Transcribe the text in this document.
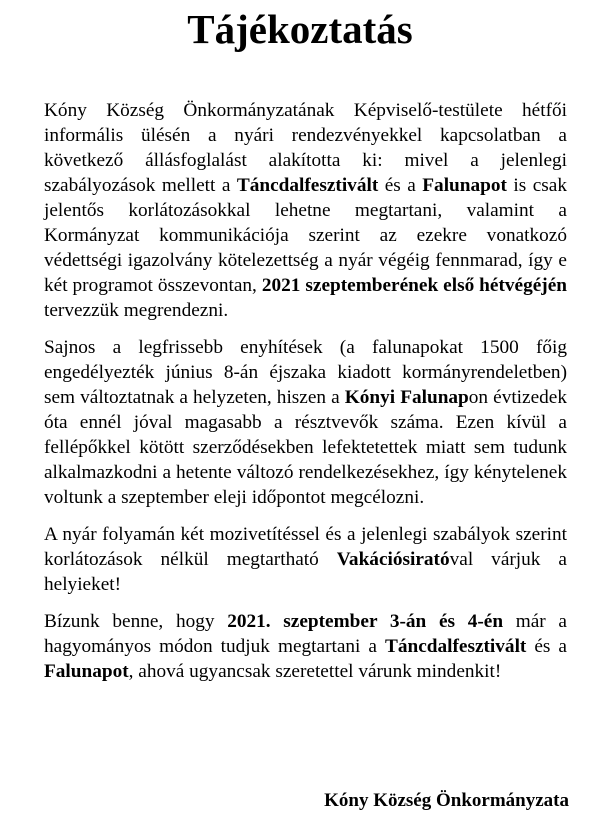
Tájékoztatás

Kóny Község Önkormányzatának Képviselő-testülete hétfői informális ülésén a nyári rendezvényekkel kapcsolatban a következő állásfoglalást alakította ki: mivel a jelenlegi szabályozások mellett a Táncdalfesztivált és a Falunapot is csak jelentős korlátozásokkal lehetne megtartani, valamint a Kormányzat kommunikációja szerint az ezekre vonatkozó védettségi igazolvány kötelezettség a nyár végéig fennmarad, így e két programot összevontan, 2021 szeptemberének első hétvégéjén tervezzük megrendezni.

Sajnos a legfrissebb enyhítések (a falunapokat 1500 főig engedélyezték június 8-án éjszaka kiadott kormányrendeletben) sem változtatnak a helyzeten, hiszen a Kónyi Falunapon évtizedek óta ennél jóval magasabb a résztvevők száma. Ezen kívül a fellépőkkel kötött szerződésekben lefektetettek miatt sem tudunk alkalmazkodni a hetente változó rendelkezésekhez, így kénytelenek voltunk a szeptember eleji időpontot megcélozni.

A nyár folyamán két mozivetítéssel és a jelenlegi szabályok szerint korlátozások nélkül megtartható Vakációsiratóval várjuk a helyieket!

Bízunk benne, hogy 2021. szeptember 3-án és 4-én már a hagyományos módon tudjuk megtartani a Táncdalfesztivált és a Falunapot, ahová ugyancsak szeretettel várunk mindenkit!

Kóny Község Önkormányzata
